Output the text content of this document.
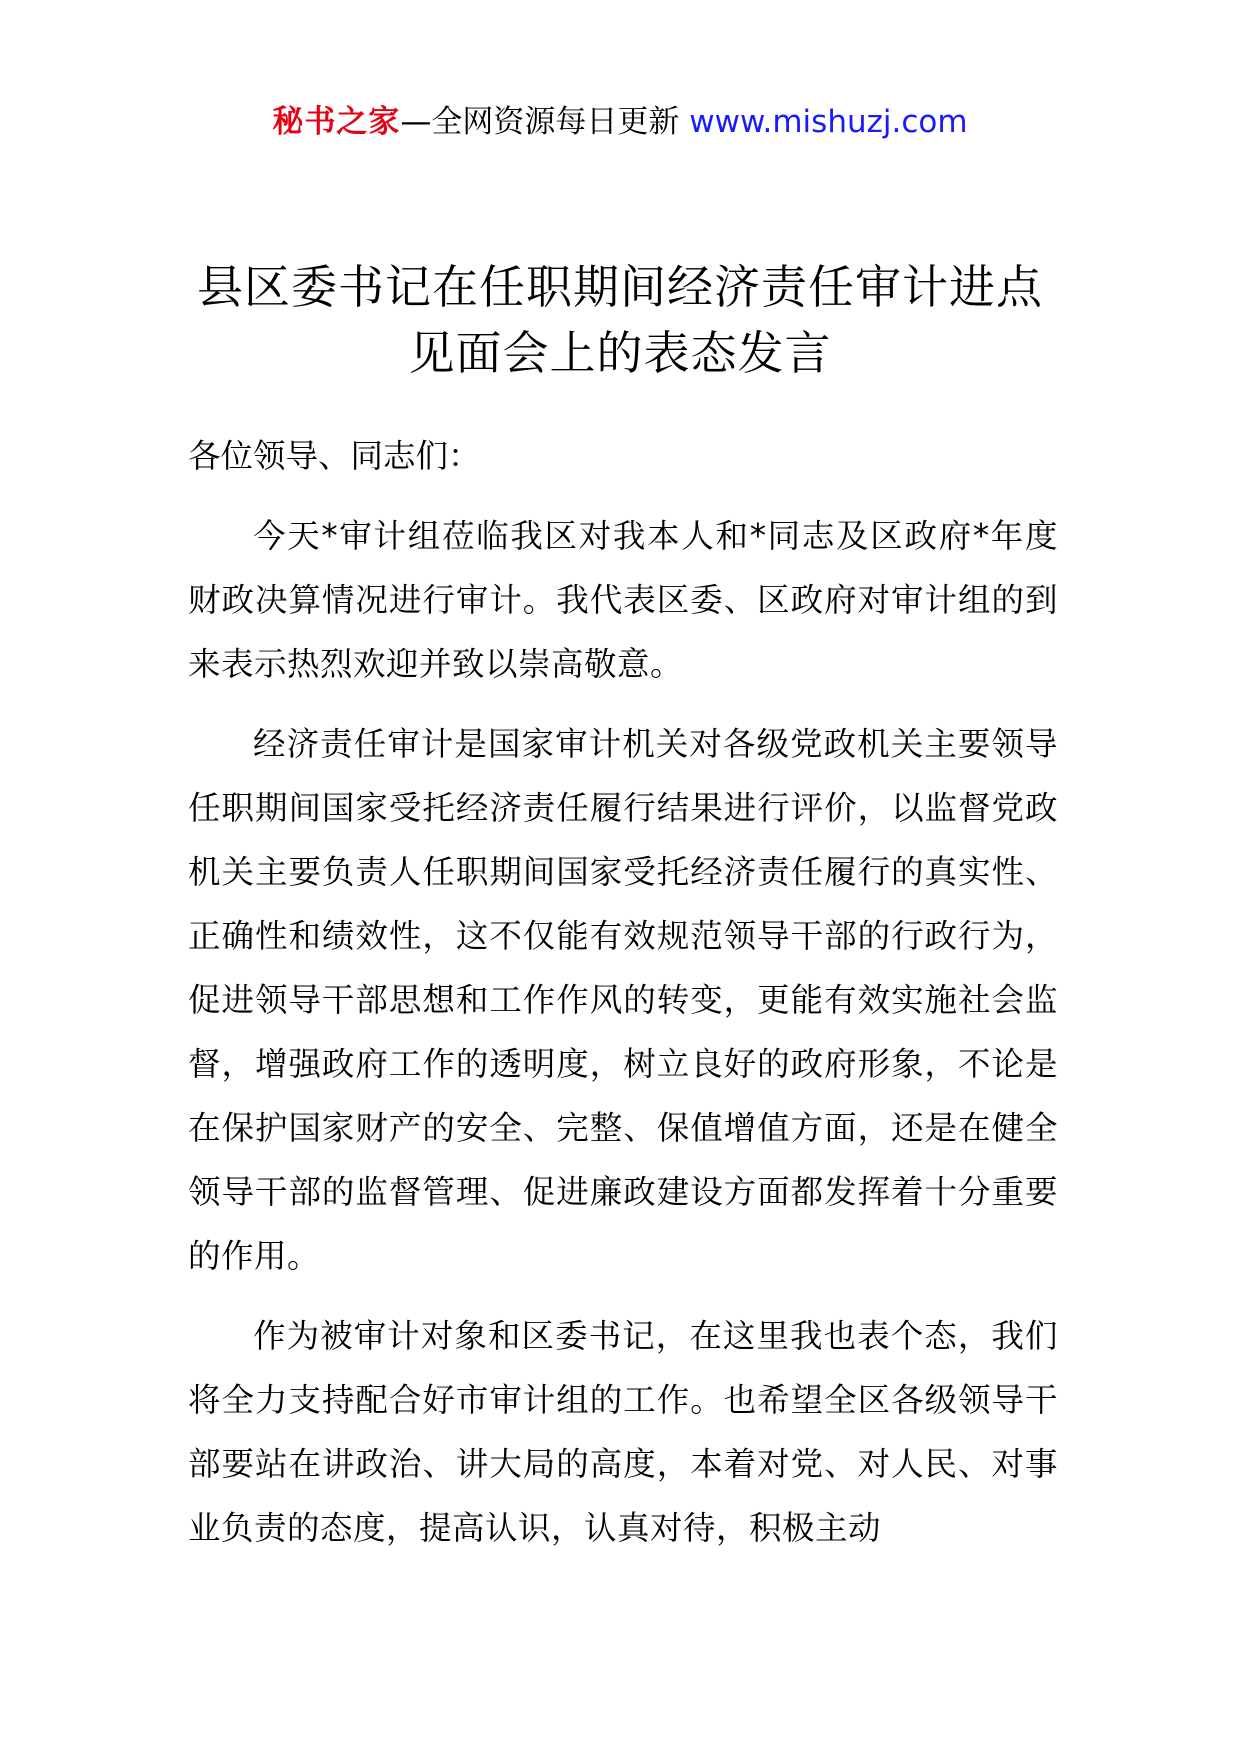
秘书之家—全网资源每日更新 www.mishuzj.com
县区委书记在任职期间经济责任审计进点
见面会上的表态发言
各位领导、同志们：

今天*审计组莅临我区对我本人和*同志及区政府*年度财政决算情况进行审计。我代表区委、区政府对审计组的到来表示热烈欢迎并致以崇高敬意。

经济责任审计是国家审计机关对各级党政机关主要领导任职期间国家受托经济责任履行结果进行评价，以监督党政机关主要负责人任职期间国家受托经济责任履行的真实性、正确性和绩效性，这不仅能有效规范领导干部的行政行为，促进领导干部思想和工作作风的转变，更能有效实施社会监督，增强政府工作的透明度，树立良好的政府形象，不论是在保护国家财产的安全、完整、保值增值方面，还是在健全领导干部的监督管理、促进廉政建设方面都发挥着十分重要的作用。

作为被审计对象和区委书记，在这里我也表个态，我们将全力支持配合好市审计组的工作。也希望全区各级领导干部要站在讲政治、讲大局的高度，本着对党、对人民、对事业负责的态度，提高认识，认真对待，积极主动
